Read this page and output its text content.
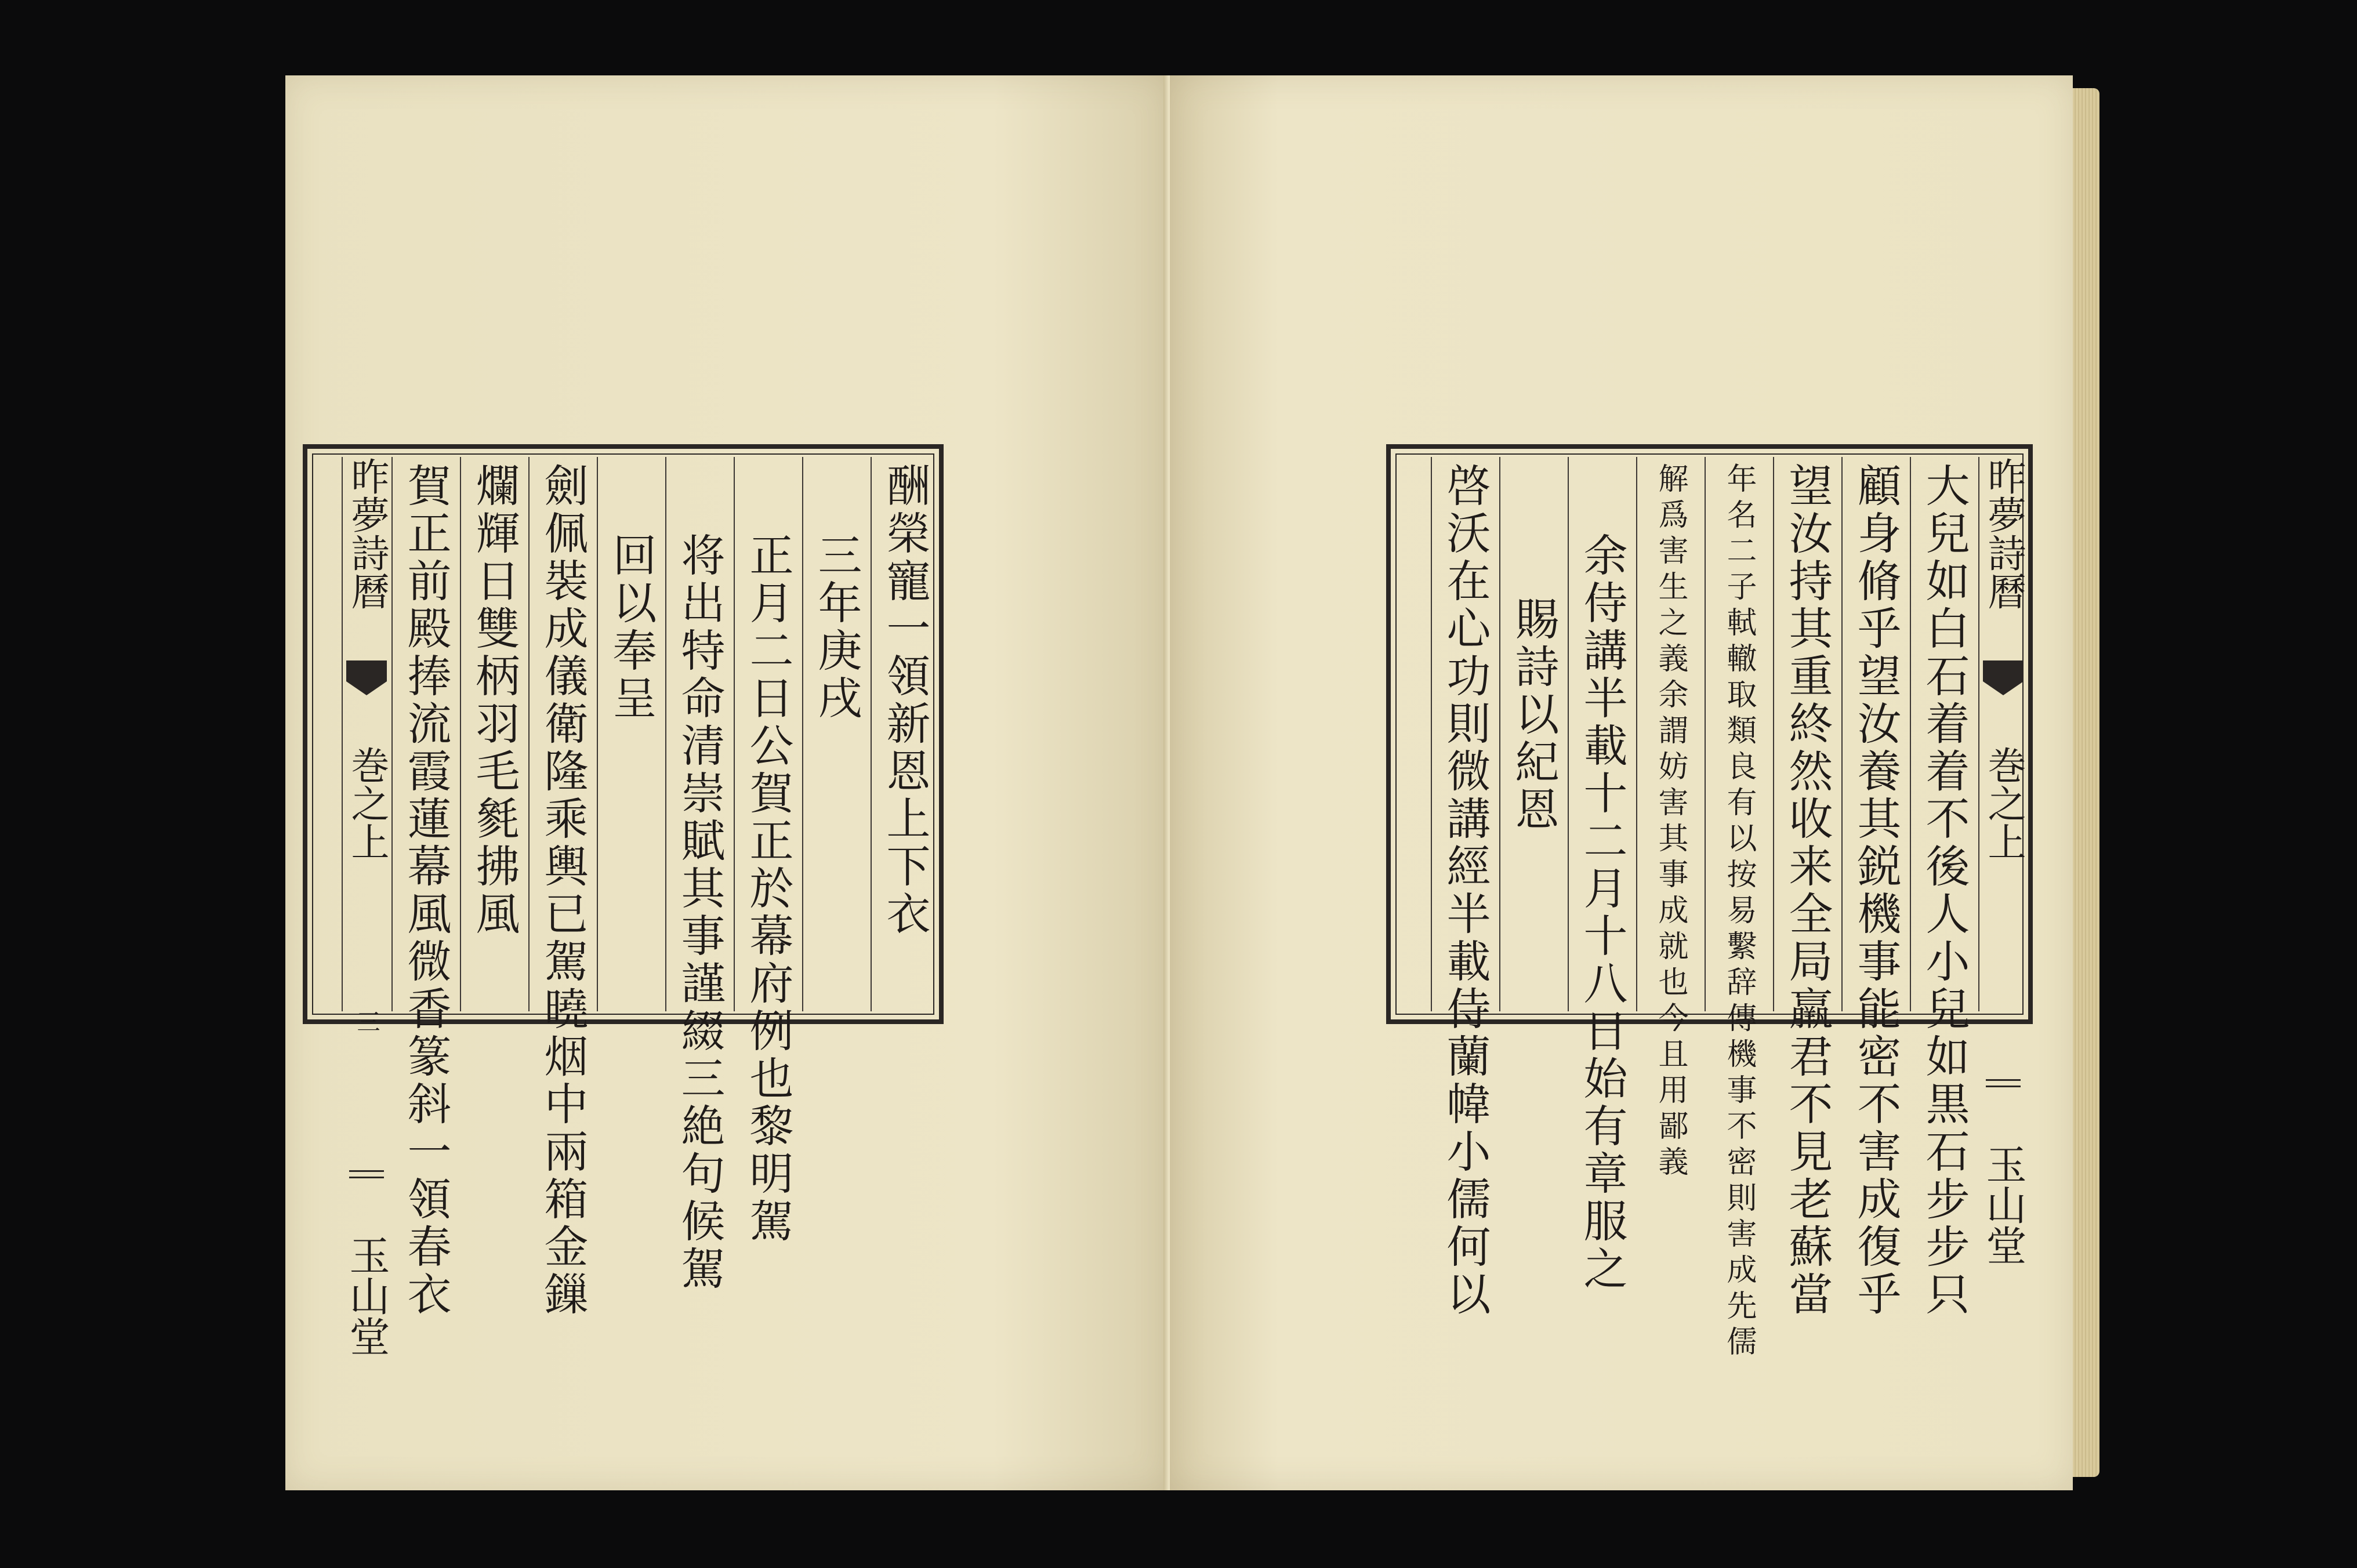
酬榮寵一領新恩上下衣
三年庚戌
正月二日公賀正於幕府例也黎明駕
将出特命清崇賦其事謹綴三絶句候駕
回以奉呈
劍佩裝成儀衛隆乘輿已駕曉烟中兩箱金鏁
爛輝日雙柄羽毛毿拂風
賀正前殿捧流霞蓮幕風微香篆斜一領春衣
昨夢詩曆  巻之上 三  玉山堂
昨夢詩曆  巻之上  玉山堂
大兒如白石着着不後人小兒如黒石步步只
顧身脩乎望汝養其鋭機事能密不害成復乎
望汝持其重終然收来全局羸君不見老蘇當
年名二子軾轍取類良有以按易繫辞傳機事不密則害成先儒
解爲害生之義余謂妨害其事成就也今且用鄙義
余侍講半載十二月十八日始有章服之
賜詩以紀恩
啓沃在心功則微講經半載侍蘭幃小儒何以
